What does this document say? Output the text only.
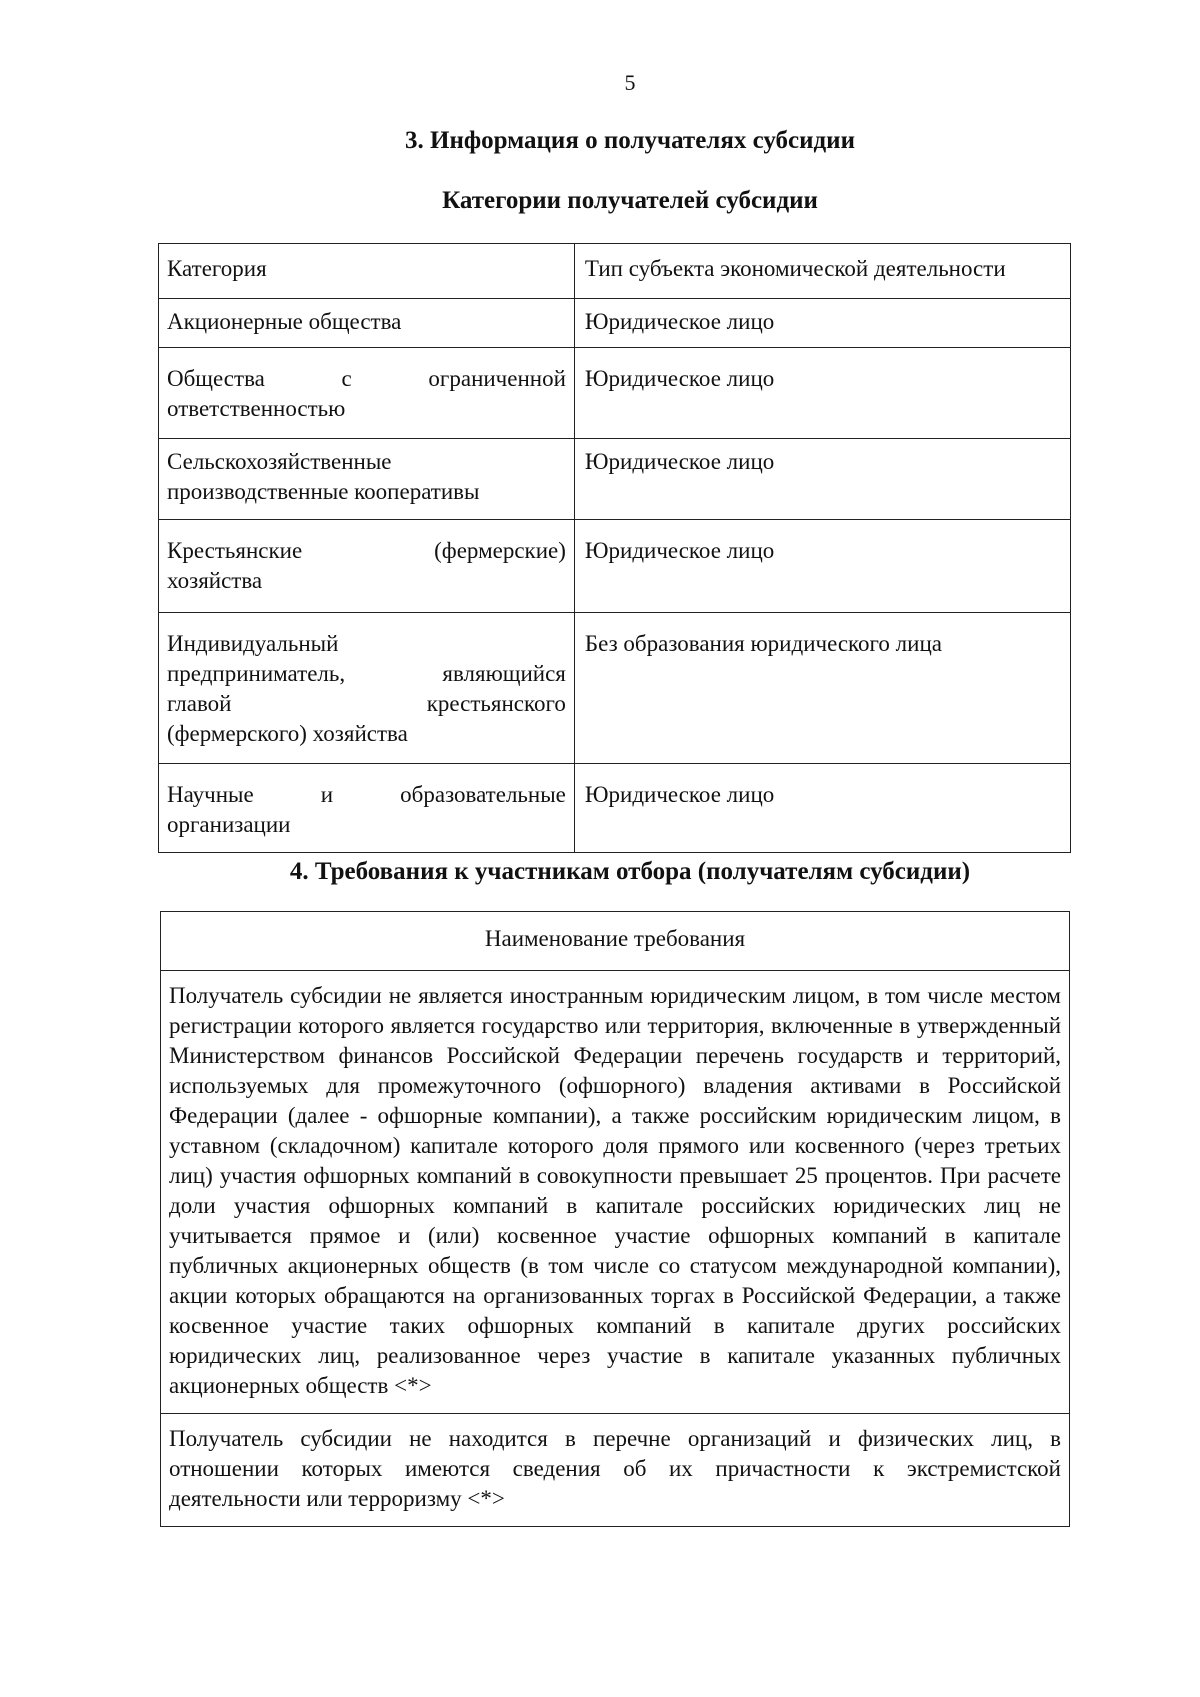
5
3. Информация о получателях субсидии
Категории получателей субсидии
Категория	Тип субъекта экономической деятельности

Акционерные общества	Юридическое лицо

Общества с ограниченной
ответственностью	Юридическое лицо

Сельскохозяйственные
производственные кооперативы	Юридическое лицо

Крестьянские (фермерские)
хозяйства	Юридическое лицо

Индивидуальный
предприниматель, являющийся
главой крестьянского
(фермерского) хозяйства	Без образования юридического лица

Научные и образовательные
организации	Юридическое лицо
4. Требования к участникам отбора (получателям субсидии)
Наименование требования
Получатель субсидии не является иностранным юридическим лицом, в том числе местом регистрации которого является государство или территория, включенные в утвержденный Министерством финансов Российской Федерации перечень государств и территорий, используемых для промежуточного (офшорного) владения активами в Российской Федерации (далее - офшорные компании), а также российским юридическим лицом, в уставном (складочном) капитале которого доля прямого или косвенного (через третьих лиц) участия офшорных компаний в совокупности превышает 25 процентов. При расчете доли участия офшорных компаний в капитале российских юридических лиц не учитывается прямое и (или) косвенное участие офшорных компаний в капитале публичных акционерных обществ (в том числе со статусом международной компании), акции которых обращаются на организованных торгах в Российской Федерации, а также косвенное участие таких офшорных компаний в капитале других российских юридических лиц, реализованное через участие в капитале указанных публичных акционерных обществ <*>
Получатель субсидии не находится в перечне организаций и физических лиц, в отношении которых имеются сведения об их причастности к экстремистской деятельности или терроризму <*>
